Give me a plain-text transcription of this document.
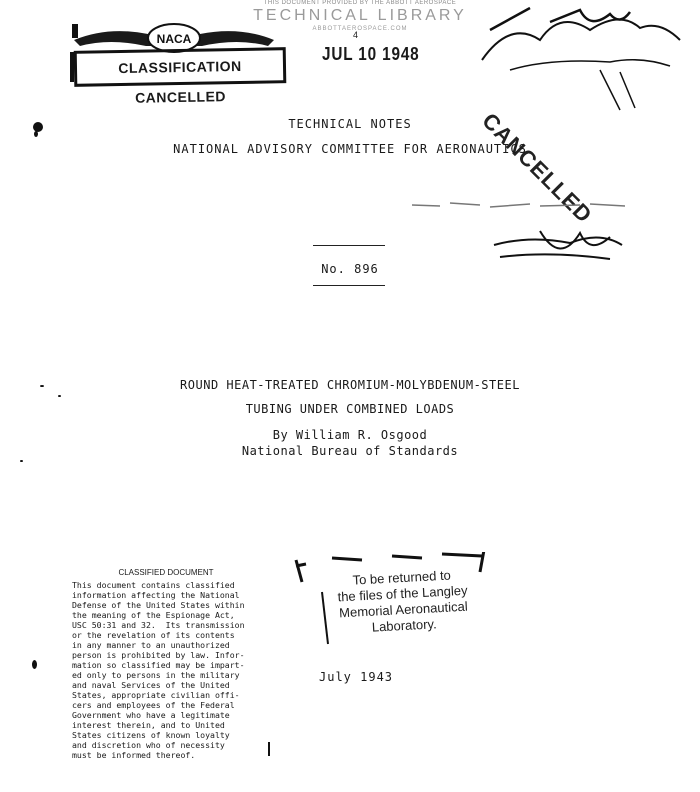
THIS DOCUMENT PROVIDED BY THE ABBOTT AEROSPACE
TECHNICAL LIBRARY
ABBOTTAEROSPACE.COM
NACA
CLASSIFICATION CANCELLED
4
JUL 10 1948
CANCELLED
TECHNICAL NOTES
NATIONAL ADVISORY COMMITTEE FOR AERONAUTICS
No. 896
ROUND HEAT-TREATED CHROMIUM-MOLYBDENUM-STEEL
TUBING UNDER COMBINED LOADS
By William R. Osgood
National Bureau of Standards
CLASSIFIED DOCUMENT
This document contains classified
information affecting the National
Defense of the United States within
the meaning of the Espionage Act,
USC 50:31 and 32.  Its transmission
or the revelation of its contents
in any manner to an unauthorized
person is prohibited by law. Infor-
mation so classified may be impart-
ed only to persons in the military
and naval Services of the United
States, appropriate civilian offi-
cers and employees of the Federal
Government who have a legitimate
interest therein, and to United
States citizens of known loyalty
and discretion who of necessity
must be informed thereof.
To be returned to
the files of the Langley
Memorial Aeronautical
Laboratory.
July 1943
